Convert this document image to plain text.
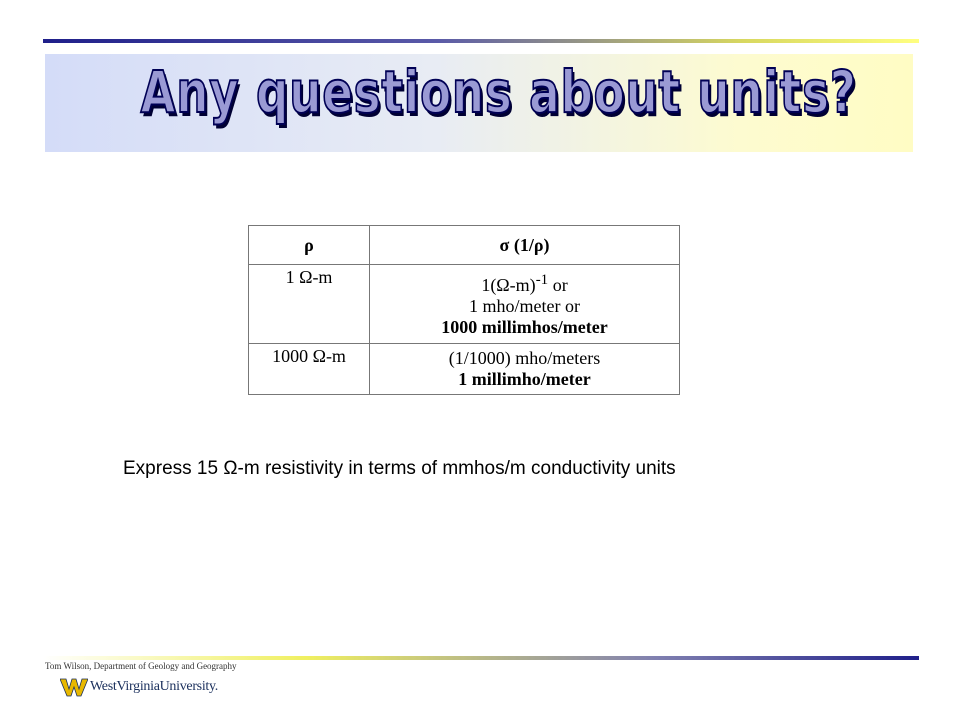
Any questions about units?
ρ	σ (1/ρ)
1 Ω-m	$1(\Omega-m)^{-1}$ or
1 mho/meter or
1000 millimhos/meter

1000 Ω-m	(1/1000) mho/meters
1 millimho/meter
Express 15 Ω-m resistivity in terms of mmhos/m conductivity units
Tom Wilson, Department of Geology and Geography
WestVirginiaUniversity.
